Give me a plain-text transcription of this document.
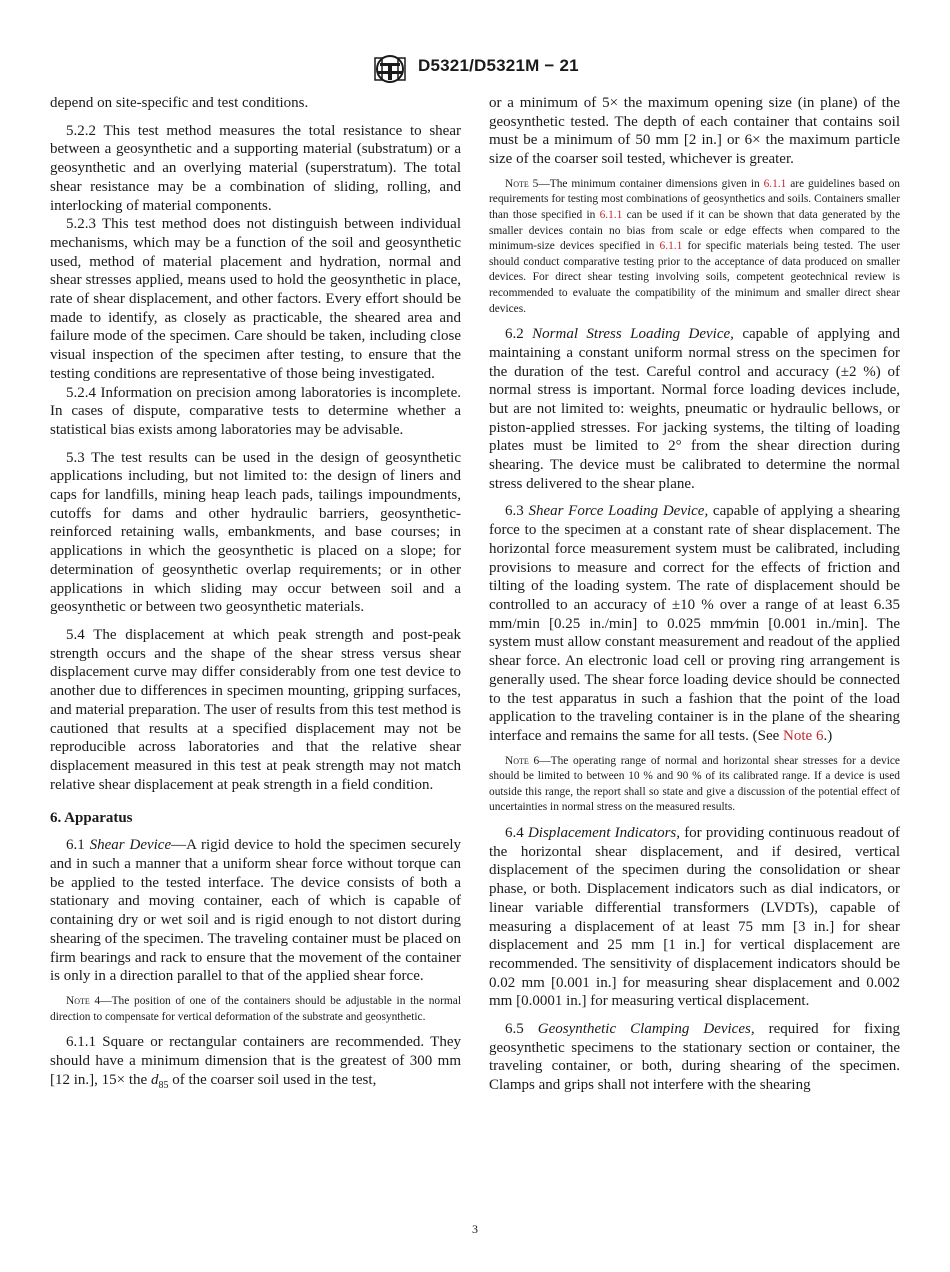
D5321/D5321M − 21

depend on site-specific and test conditions.

5.2.2 This test method measures the total resistance to shear between a geosynthetic and a supporting material (substratum) or a geosynthetic and an overlying material (superstratum). The total shear resistance may be a combination of sliding, rolling, and interlocking of material components.

5.2.3 This test method does not distinguish between individual mechanisms, which may be a function of the soil and geosynthetic used, method of material placement and hydration, normal and shear stresses applied, means used to hold the geosynthetic in place, rate of shear displacement, and other factors. Every effort should be made to identify, as closely as practicable, the sheared area and failure mode of the specimen. Care should be taken, including close visual inspection of the specimen after testing, to ensure that the testing conditions are representative of those being investigated.

5.2.4 Information on precision among laboratories is incomplete. In cases of dispute, comparative tests to determine whether a statistical bias exists among laboratories may be advisable.

5.3 The test results can be used in the design of geosynthetic applications including, but not limited to: the design of liners and caps for landfills, mining heap leach pads, tailings impoundments, cutoffs for dams and other hydraulic barriers, geosynthetic-reinforced retaining walls, embankments, and base courses; in applications in which the geosynthetic is placed on a slope; for determination of geosynthetic overlap requirements; or in other applications in which sliding may occur between soil and a geosynthetic or between two geosynthetic materials.

5.4 The displacement at which peak strength and post-peak strength occurs and the shape of the shear stress versus shear displacement curve may differ considerably from one test device to another due to differences in specimen mounting, gripping surfaces, and material preparation. The user of results from this test method is cautioned that results at a specified displacement may not be reproducible across laboratories and that the relative shear displacement measured in this test at peak strength may not match relative shear displacement at peak strength in a field condition.

6. Apparatus

6.1 Shear Device—A rigid device to hold the specimen securely and in such a manner that a uniform shear force without torque can be applied to the tested interface. The device consists of both a stationary and moving container, each of which is capable of containing dry or wet soil and is rigid enough to not distort during shearing of the specimen. The traveling container must be placed on firm bearings and rack to ensure that the movement of the container is only in a direction parallel to that of the applied shear force.

Note 4—The position of one of the containers should be adjustable in the normal direction to compensate for vertical deformation of the substrate and geosynthetic.

6.1.1 Square or rectangular containers are recommended. They should have a minimum dimension that is the greatest of 300 mm [12 in.], 15× the $d_{85}$ of the coarser soil used in the test,

or a minimum of 5× the maximum opening size (in plane) of the geosynthetic tested. The depth of each container that contains soil must be a minimum of 50 mm [2 in.] or 6× the maximum particle size of the coarser soil tested, whichever is greater.

Note 5—The minimum container dimensions given in 6.1.1 are guidelines based on requirements for testing most combinations of geosynthetics and soils. Containers smaller than those specified in 6.1.1 can be used if it can be shown that data generated by the smaller devices contain no bias from scale or edge effects when compared to the minimum-size devices specified in 6.1.1 for specific materials being tested. The user should conduct comparative testing prior to the acceptance of data produced on smaller devices. For direct shear testing involving soils, competent geotechnical review is recommended to evaluate the compatibility of the minimum and smaller direct shear devices.

6.2 Normal Stress Loading Device, capable of applying and maintaining a constant uniform normal stress on the specimen for the duration of the test. Careful control and accuracy (±2 %) of normal stress is important. Normal force loading devices include, but are not limited to: weights, pneumatic or hydraulic bellows, or piston-applied stresses. For jacking systems, the tilting of loading plates must be limited to 2° from the shear direction during shearing. The device must be calibrated to determine the normal stress delivered to the shear plane.

6.3 Shear Force Loading Device, capable of applying a shearing force to the specimen at a constant rate of shear displacement. The horizontal force measurement system must be calibrated, including provisions to measure and correct for the effects of friction and tilting of the loading system. The rate of displacement should be controlled to an accuracy of ±10 % over a range of at least 6.35 mm/min [0.25 in./min] to 0.025 mm⁄min [0.001 in./min]. The system must allow constant measurement and readout of the applied shear force. An electronic load cell or proving ring arrangement is generally used. The shear force loading device should be connected to the test apparatus in such a fashion that the point of the load application to the traveling container is in the plane of the shearing interface and remains the same for all tests. (See Note 6.)

Note 6—The operating range of normal and horizontal shear stresses for a device should be limited to between 10 % and 90 % of its calibrated range. If a device is used outside this range, the report shall so state and give a discussion of the potential effect of uncertainties in normal stress on the measured results.

6.4 Displacement Indicators, for providing continuous readout of the horizontal shear displacement, and if desired, vertical displacement of the specimen during the consolidation or shear phase, or both. Displacement indicators such as dial indicators, or linear variable differential transformers (LVDTs), capable of measuring a displacement of at least 75 mm [3 in.] for shear displacement and 25 mm [1 in.] for vertical displacement are recommended. The sensitivity of displacement indicators should be 0.02 mm [0.001 in.] for measuring shear displacement and 0.002 mm [0.0001 in.] for measuring vertical displacement.

6.5 Geosynthetic Clamping Devices, required for fixing geosynthetic specimens to the stationary section or container, the traveling container, or both, during shearing of the specimen. Clamps and grips shall not interfere with the shearing

3
